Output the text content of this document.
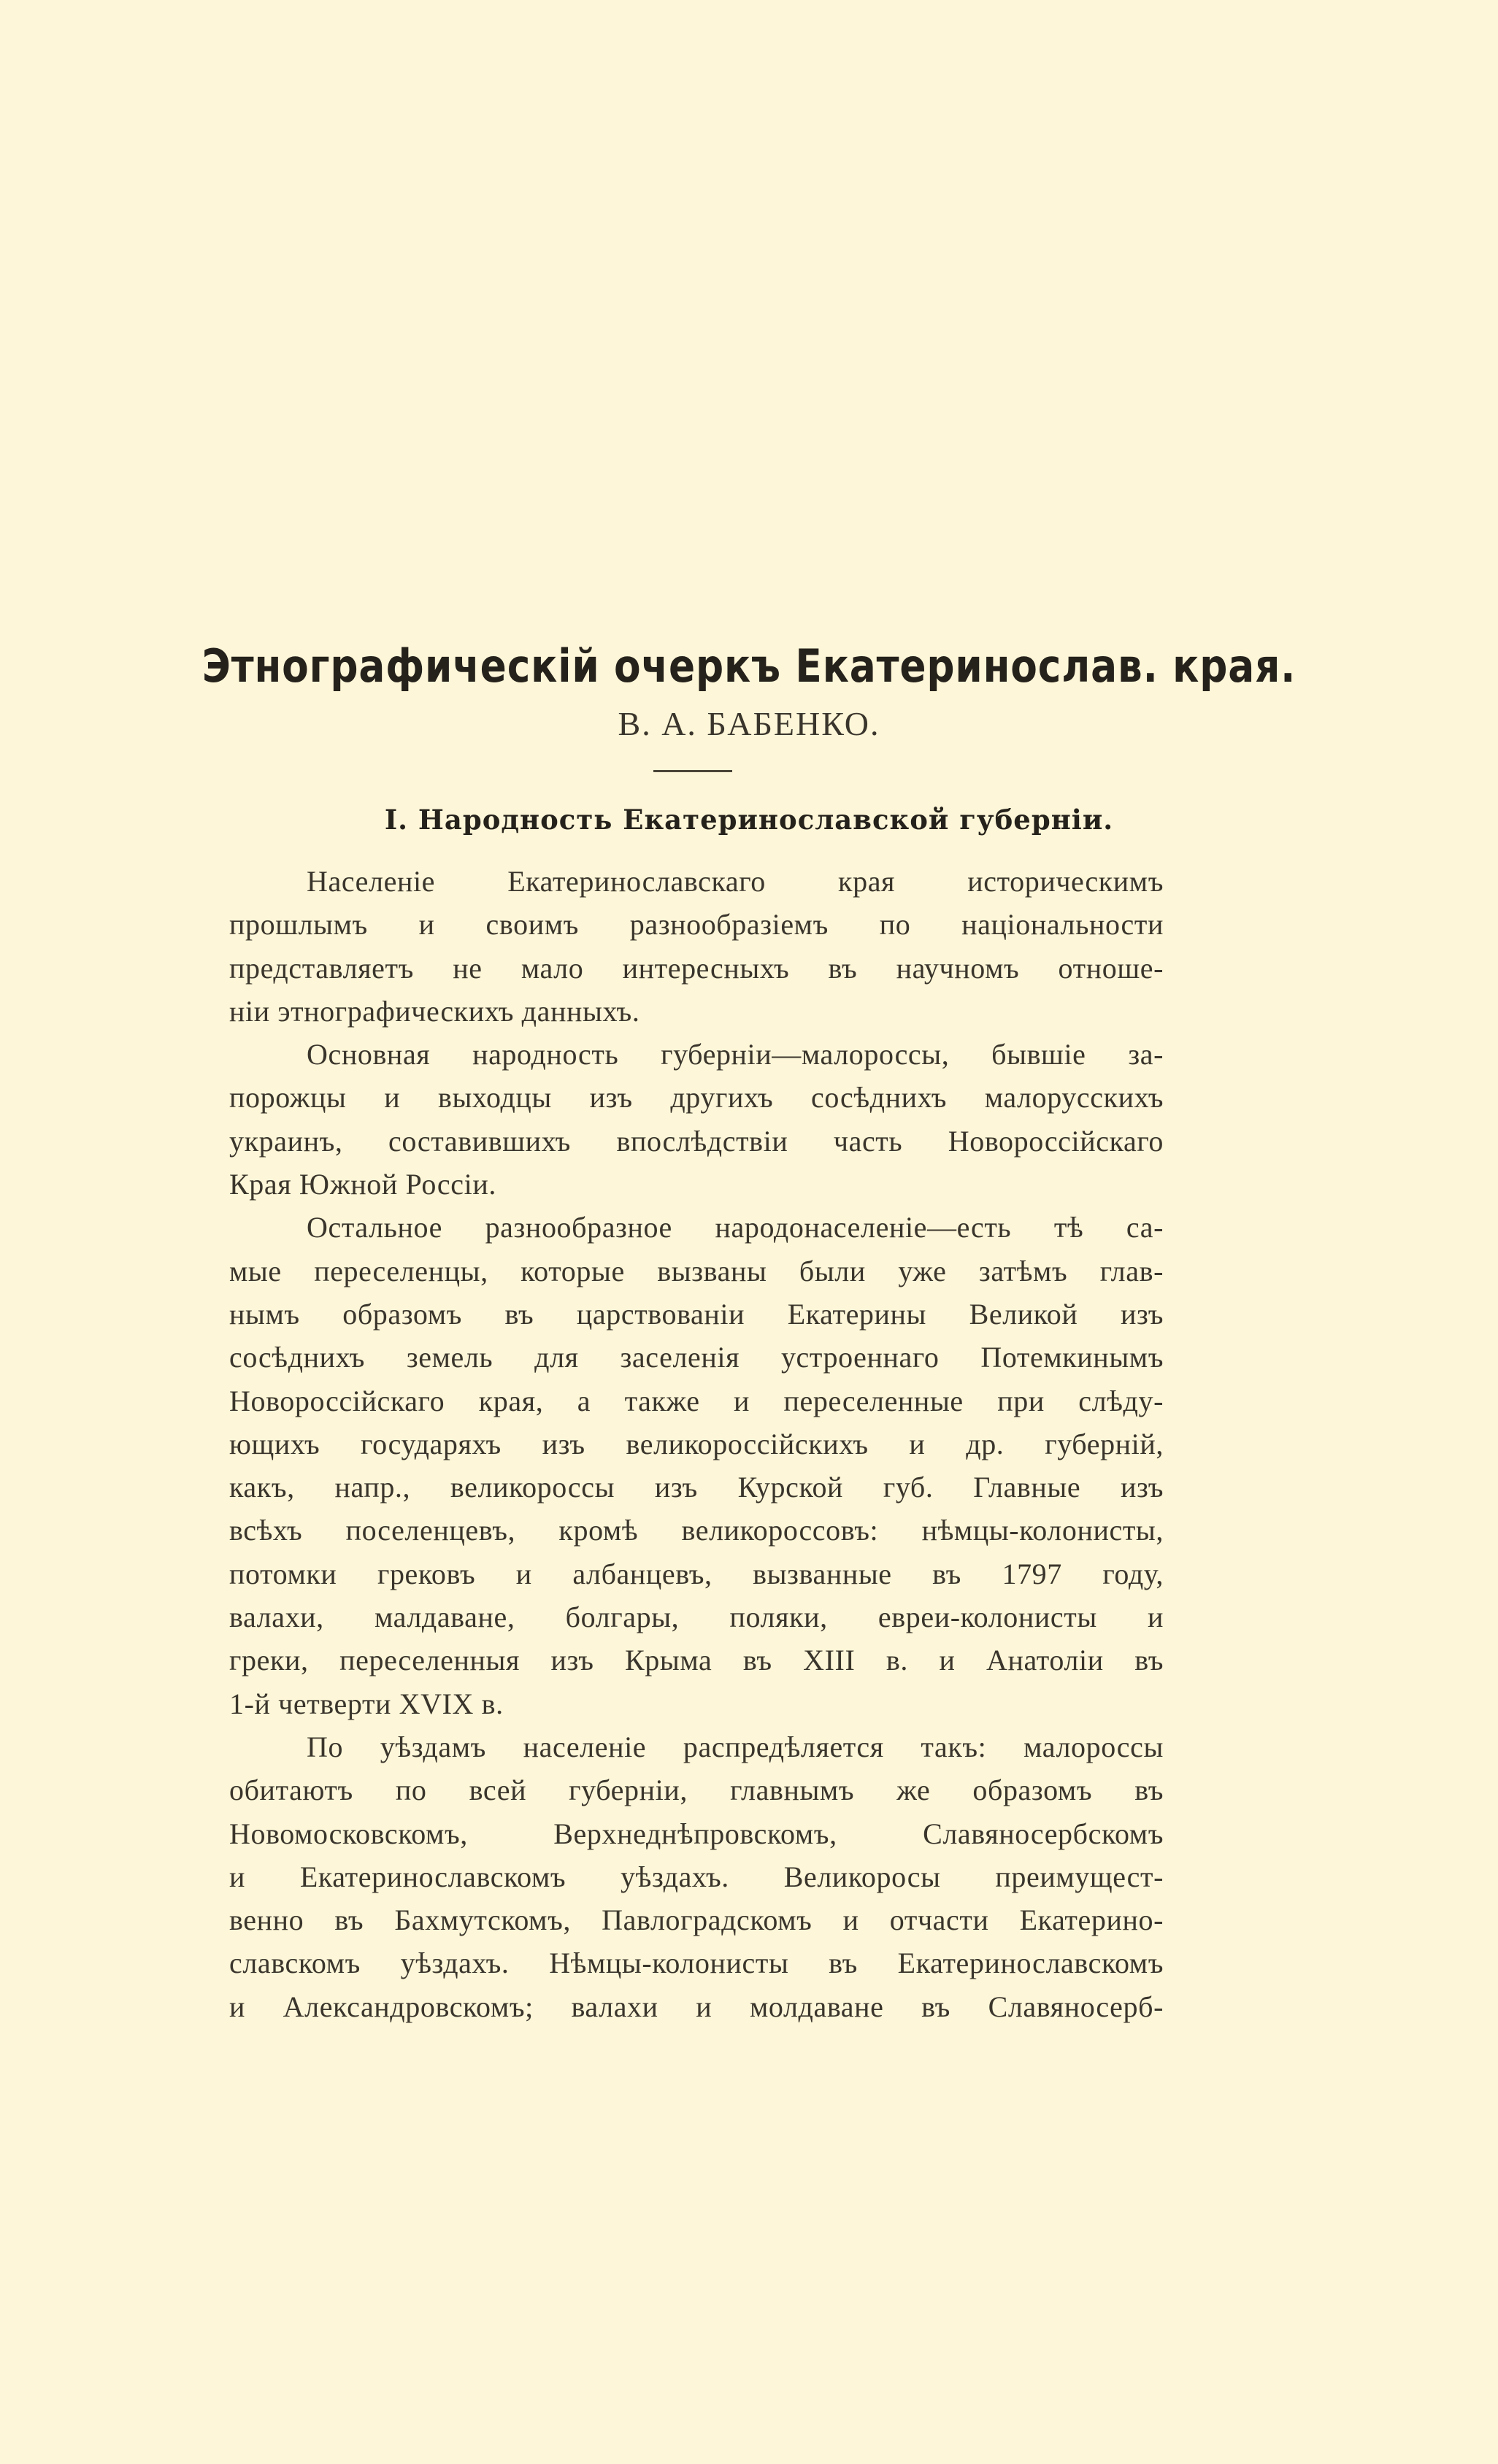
Этнографическій очеркъ Екатеринослав. края.
В. А. БАБЕНКО.
I. Народность Екатеринославской губерніи.
Населеніе Екатеринославскаго края историческимъ
прошлымъ и своимъ разнообразіемъ по національности
представляетъ не мало интересныхъ въ научномъ отноше-
ніи этнографическихъ данныхъ.
Основная народность губерніи—малороссы, бывшіе за-
порожцы и выходцы изъ другихъ сосѣднихъ малорусскихъ
украинъ, составившихъ впослѣдствіи часть Новороссійскаго
Края Южной Россіи.
Остальное разнообразное народонаселеніе—есть тѣ са-
мые переселенцы, которые вызваны были уже затѣмъ глав-
нымъ образомъ въ царствованіи Екатерины Великой изъ
сосѣднихъ земель для заселенія устроеннаго Потемкинымъ
Новороссійскаго края, а также и переселенные при слѣду-
ющихъ государяхъ изъ великороссійскихъ и др. губерній,
какъ, напр., великороссы изъ Курской губ. Главные изъ
всѣхъ поселенцевъ, кромѣ великороссовъ: нѣмцы-колонисты,
потомки грековъ и албанцевъ, вызванные въ 1797 году,
валахи, малдаване, болгары, поляки, евреи-колонисты и
греки, переселенныя изъ Крыма въ XIII в. и Анатоліи въ
1-й четверти XVIX в.
По уѣздамъ населеніе распредѣляется такъ: малороссы
обитаютъ по всей губерніи, главнымъ же образомъ въ
Новомосковскомъ, Верхнеднѣпровскомъ, Славяносербскомъ
и Екатеринославскомъ уѣздахъ. Великоросы преимущест-
венно въ Бахмутскомъ, Павлоградскомъ и отчасти Екатерино-
славскомъ уѣздахъ. Нѣмцы-колонисты въ Екатеринославскомъ
и Александровскомъ; валахи и молдаване въ Славяносерб-
